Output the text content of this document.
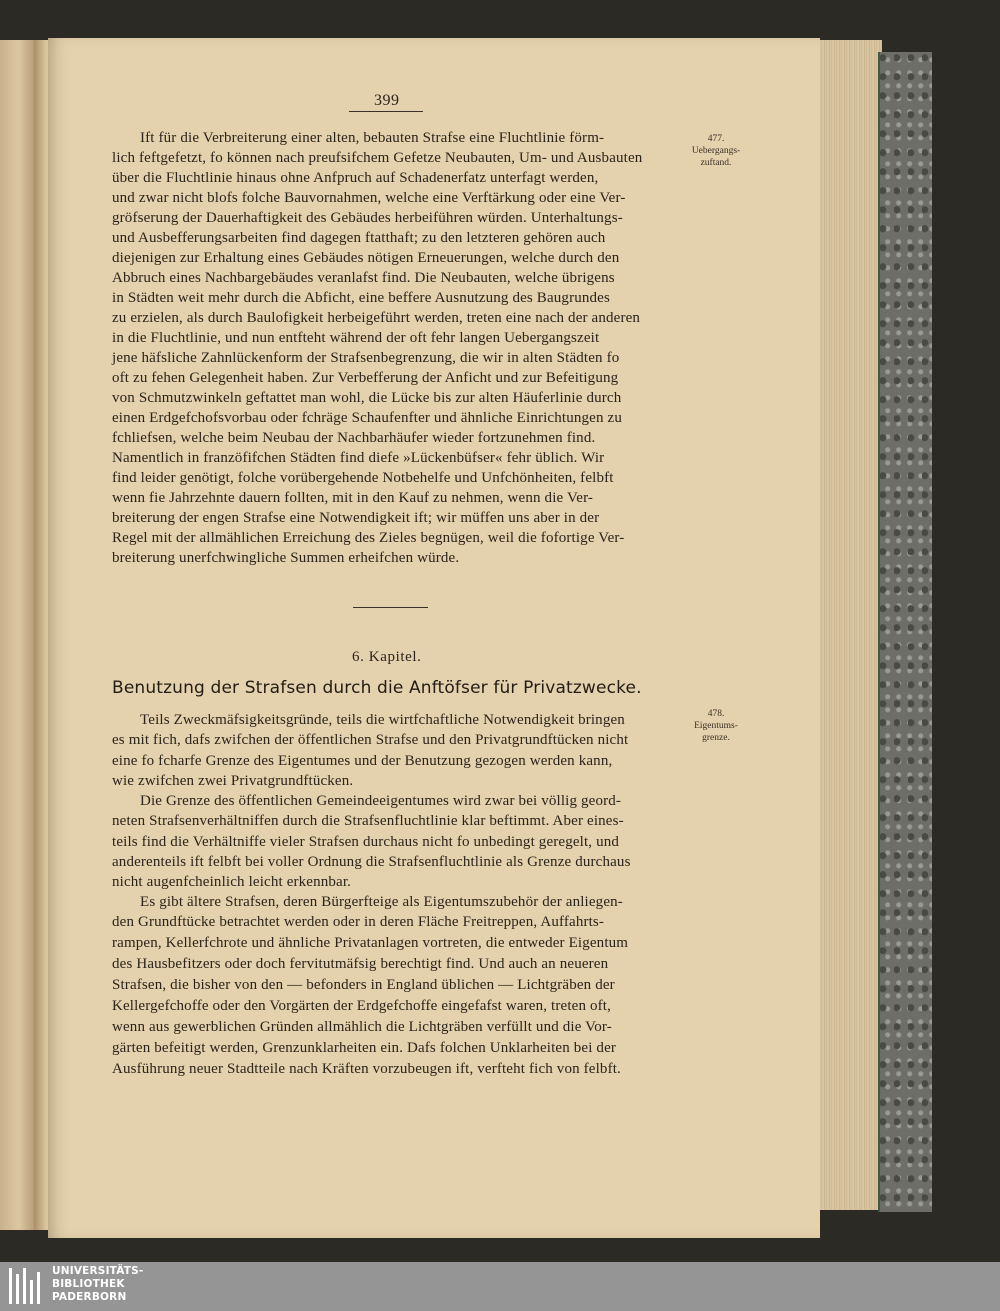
399
Ift für die Verbreiterung einer alten, bebauten Strafse eine Fluchtlinie förm-
lich feftgefetzt, fo können nach preufsifchem Gefetze Neubauten, Um- und Ausbauten
über die Fluchtlinie hinaus ohne Anfpruch auf Schadenerfatz unterfagt werden,
und zwar nicht blofs folche Bauvornahmen, welche eine Verftärkung oder eine Ver-
gröfserung der Dauerhaftigkeit des Gebäudes herbeiführen würden. Unterhaltungs-
und Ausbefferungsarbeiten find dagegen ftatthaft; zu den letzteren gehören auch
diejenigen zur Erhaltung eines Gebäudes nötigen Erneuerungen, welche durch den
Abbruch eines Nachbargebäudes veranlafst find. Die Neubauten, welche übrigens
in Städten weit mehr durch die Abficht, eine beffere Ausnutzung des Baugrundes
zu erzielen, als durch Baulofigkeit herbeigeführt werden, treten eine nach der anderen
in die Fluchtlinie, und nun entfteht während der oft fehr langen Uebergangszeit
jene häfsliche Zahnlückenform der Strafsenbegrenzung, die wir in alten Städten fo
oft zu fehen Gelegenheit haben. Zur Verbefferung der Anficht und zur Befeitigung
von Schmutzwinkeln geftattet man wohl, die Lücke bis zur alten Häuferlinie durch
einen Erdgefchofsvorbau oder fchräge Schaufenfter und ähnliche Einrichtungen zu
fchliefsen, welche beim Neubau der Nachbarhäufer wieder fortzunehmen find.
Namentlich in franzöfifchen Städten find diefe »Lückenbüfser« fehr üblich. Wir
find leider genötigt, folche vorübergehende Notbehelfe und Unfchönheiten, felbft
wenn fie Jahrzehnte dauern follten, mit in den Kauf zu nehmen, wenn die Ver-
breiterung der engen Strafse eine Notwendigkeit ift; wir müffen uns aber in der
Regel mit der allmählichen Erreichung des Zieles begnügen, weil die fofortige Ver-
breiterung unerfchwingliche Summen erheifchen würde.
477.
Uebergangs-
zuftand.
6. Kapitel.
Benutzung der Strafsen durch die Anftöfser für Privatzwecke.
478.
Eigentums-
grenze.
Teils Zweckmäfsigkeitsgründe, teils die wirtfchaftliche Notwendigkeit bringen
es mit fich, dafs zwifchen der öffentlichen Strafse und den Privatgrundftücken nicht
eine fo fcharfe Grenze des Eigentumes und der Benutzung gezogen werden kann,
wie zwifchen zwei Privatgrundftücken.
Die Grenze des öffentlichen Gemeindeeigentumes wird zwar bei völlig geord-
neten Strafsenverhältniffen durch die Strafsenfluchtlinie klar beftimmt. Aber eines-
teils find die Verhältniffe vieler Strafsen durchaus nicht fo unbedingt geregelt, und
anderenteils ift felbft bei voller Ordnung die Strafsenfluchtlinie als Grenze durchaus
nicht augenfcheinlich leicht erkennbar.
Es gibt ältere Strafsen, deren Bürgerfteige als Eigentumszubehör der anliegen-
den Grundftücke betrachtet werden oder in deren Fläche Freitreppen, Auffahrts-
rampen, Kellerfchrote und ähnliche Privatanlagen vortreten, die entweder Eigentum
des Hausbefitzers oder doch fervitutmäfsig berechtigt find. Und auch an neueren
Strafsen, die bisher von den — befonders in England üblichen — Lichtgräben der
Kellergefchoffe oder den Vorgärten der Erdgefchoffe eingefafst waren, treten oft,
wenn aus gewerblichen Gründen allmählich die Lichtgräben verfüllt und die Vor-
gärten befeitigt werden, Grenzunklarheiten ein. Dafs folchen Unklarheiten bei der
Ausführung neuer Stadtteile nach Kräften vorzubeugen ift, verfteht fich von felbft.
UNIVERSITÄTS-
BIBLIOTHEK
PADERBORN
